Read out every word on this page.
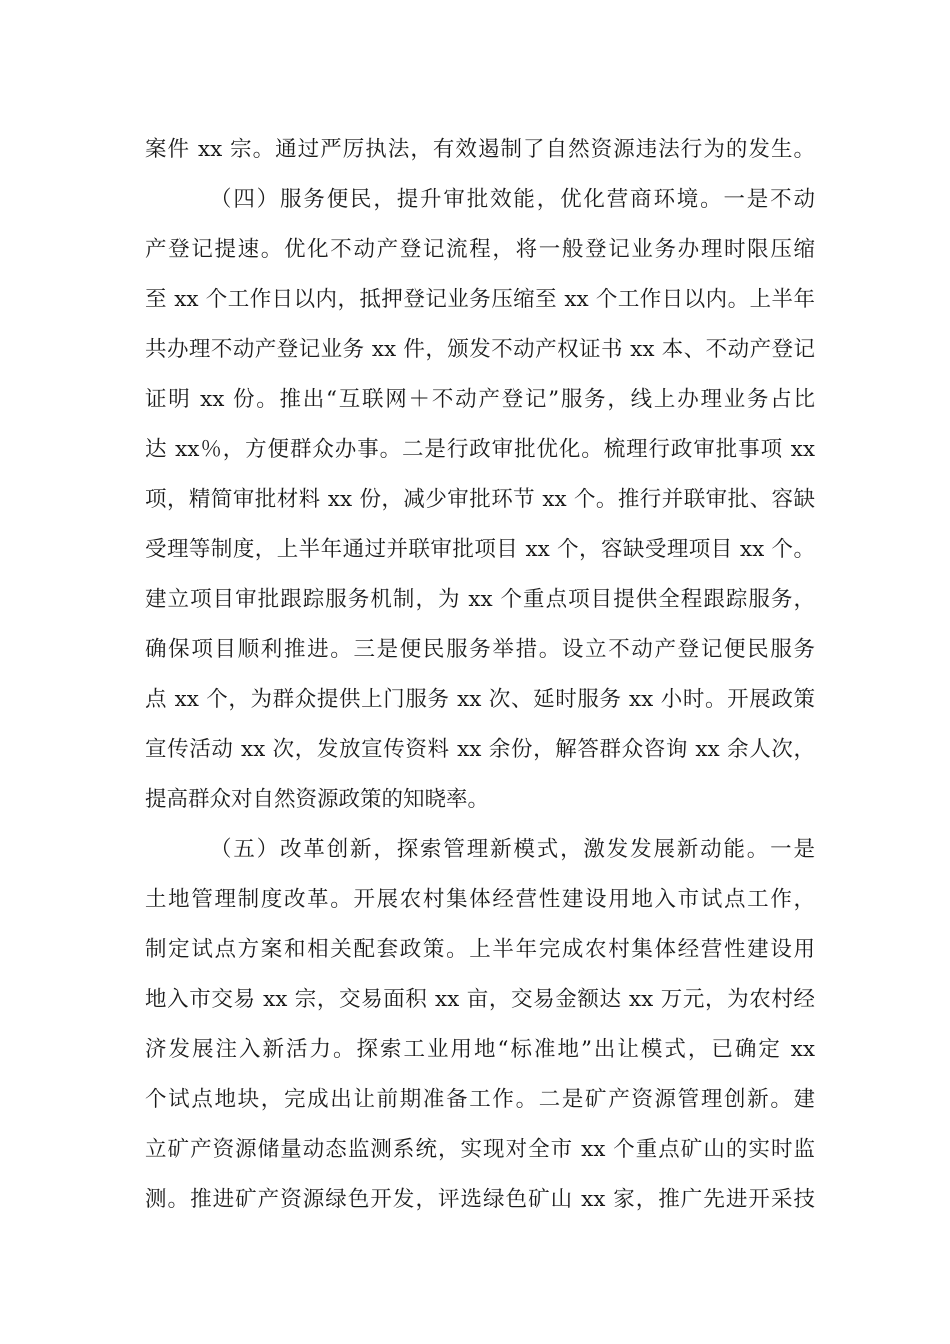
案件 xx 宗。通过严厉执法，有效遏制了自然资源违法行为的发生。
（四）服务便民，提升审批效能，优化营商环境。一是不动
产登记提速。优化不动产登记流程，将一般登记业务办理时限压缩
至 xx 个工作日以内，抵押登记业务压缩至 xx 个工作日以内。上半年
共办理不动产登记业务 xx 件，颁发不动产权证书 xx 本、不动产登记
证明 xx 份。推出“互联网＋不动产登记”服务，线上办理业务占比
达 xx％，方便群众办事。二是行政审批优化。梳理行政审批事项 xx
项，精简审批材料 xx 份，减少审批环节 xx 个。推行并联审批、容缺
受理等制度，上半年通过并联审批项目 xx 个，容缺受理项目 xx 个。
建立项目审批跟踪服务机制，为 xx 个重点项目提供全程跟踪服务，
确保项目顺利推进。三是便民服务举措。设立不动产登记便民服务
点 xx 个，为群众提供上门服务 xx 次、延时服务 xx 小时。开展政策
宣传活动 xx 次，发放宣传资料 xx 余份，解答群众咨询 xx 余人次，
提高群众对自然资源政策的知晓率。
（五）改革创新，探索管理新模式，激发发展新动能。一是
土地管理制度改革。开展农村集体经营性建设用地入市试点工作，
制定试点方案和相关配套政策。上半年完成农村集体经营性建设用
地入市交易 xx 宗，交易面积 xx 亩，交易金额达 xx 万元，为农村经
济发展注入新活力。探索工业用地“标准地”出让模式，已确定 xx
个试点地块，完成出让前期准备工作。二是矿产资源管理创新。建
立矿产资源储量动态监测系统，实现对全市 xx 个重点矿山的实时监
测。推进矿产资源绿色开发，评选绿色矿山 xx 家，推广先进开采技
